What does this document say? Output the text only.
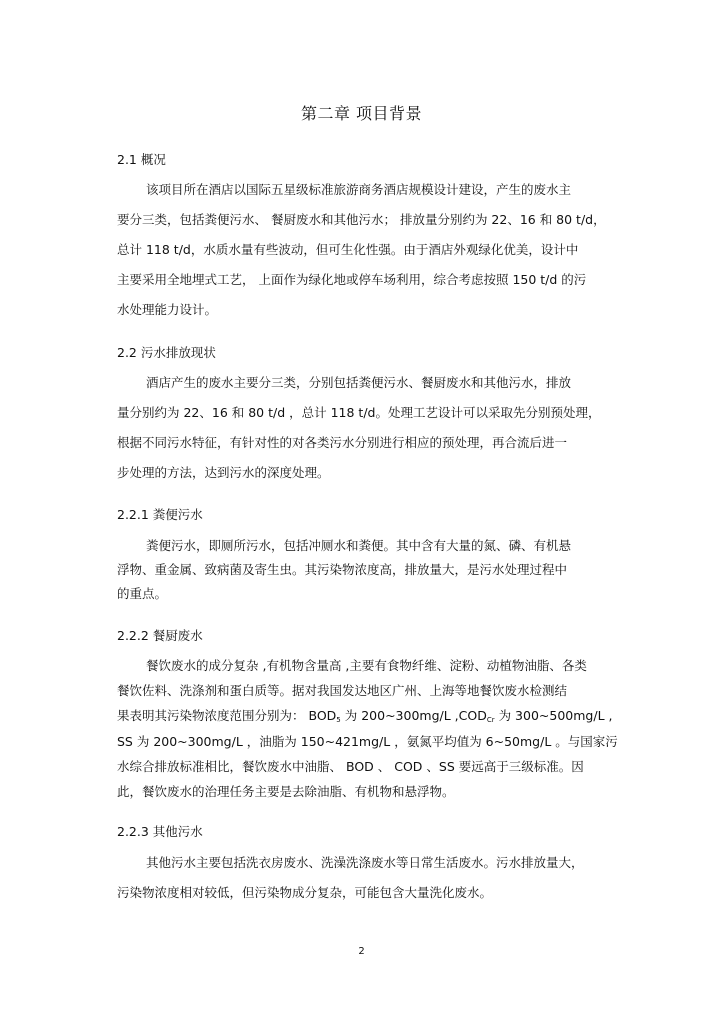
第二章 项目背景
2.1 概况
该项目所在酒店以国际五星级标准旅游商务酒店规模设计建设，产生的废水主
要分三类，包括粪便污水、 餐厨废水和其他污水； 排放量分别约为 22、16 和 80 t/d，
总计 118 t/d，水质水量有些波动，但可生化性强。由于酒店外观绿化优美，设计中
主要采用全地埋式工艺， 上面作为绿化地或停车场利用，综合考虑按照 150 t/d 的污
水处理能力设计。
2.2 污水排放现状
酒店产生的废水主要分三类，分别包括粪便污水、餐厨废水和其他污水，排放
量分别约为 22、16 和 80 t/d ，总计 118 t/d。处理工艺设计可以采取先分别预处理，
根据不同污水特征，有针对性的对各类污水分别进行相应的预处理，再合流后进一
步处理的方法，达到污水的深度处理。
2.2.1 粪便污水
粪便污水，即厕所污水，包括冲厕水和粪便。其中含有大量的氮、磷、有机悬
浮物、重金属、致病菌及寄生虫。其污染物浓度高，排放量大，是污水处理过程中
的重点。
2.2.2 餐厨废水
餐饮废水的成分复杂 ,有机物含量高 ,主要有食物纤维、淀粉、动植物油脂、各类
餐饮佐料、洗涤剂和蛋白质等。据对我国发达地区广州、上海等地餐饮废水检测结
果表明其污染物浓度范围分别为： $BOD_5$ 为 200~300mg/L $,COD_{Cr}$ 为 300~500mg/L ,
SS 为 200~300mg/L ，油脂为 150~421mg/L ，氨氮平均值为 6~50mg/L 。与国家污
水综合排放标准相比，餐饮废水中油脂、 BOD 、 COD 、SS 要远高于三级标准。因
此，餐饮废水的治理任务主要是去除油脂、有机物和悬浮物。
2.2.3 其他污水
其他污水主要包括洗衣房废水、洗澡洗涤废水等日常生活废水。污水排放量大，
污染物浓度相对较低，但污染物成分复杂，可能包含大量洗化废水。
2
